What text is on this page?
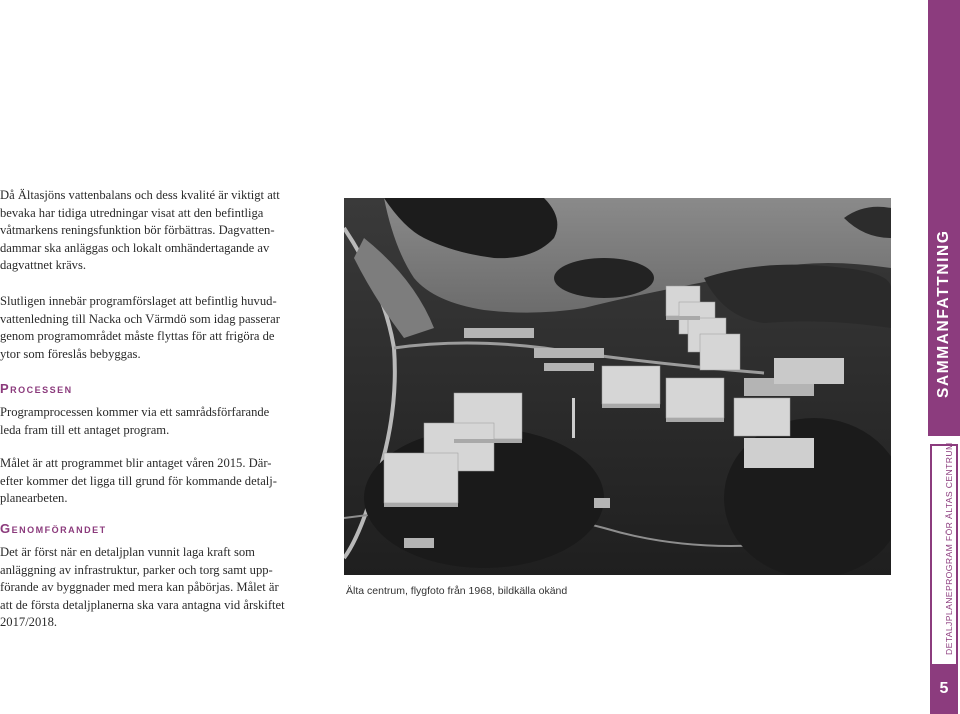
Då Ältasjöns vattenbalans och dess kvalité är viktigt att bevaka har tidiga utredningar visat att den befintliga våtmarkens reningsfunktion bör förbättras. Dagvatten-dammar ska anläggas och lokalt omhändertagande av dagvattnet krävs.

Slutligen innebär programförslaget att befintlig huvud-vattenledning till Nacka och Värmdö som idag passerar genom programområdet måste flyttas för att frigöra de ytor som föreslås bebyggas.

Processen

Programprocessen kommer via ett samrådsförfarande leda fram till ett antaget program.

Målet är att programmet blir antaget våren 2015. Där-efter kommer det ligga till grund för kommande detalj-planearbeten.

Genomförandet

Det är först när en detaljplan vunnit laga kraft som anläggning av infrastruktur, parker och torg samt upp-förande av byggnader med mera kan påbörjas. Målet är att de första detaljplanerna ska vara antagna vid årskiftet 2017/2018.

Älta centrum, flygfoto från 1968, bildkälla okänd
SAMMANFATTNING
DETALJPLANEPROGRAM FÖR ÄLTAS CENTRUM
5
